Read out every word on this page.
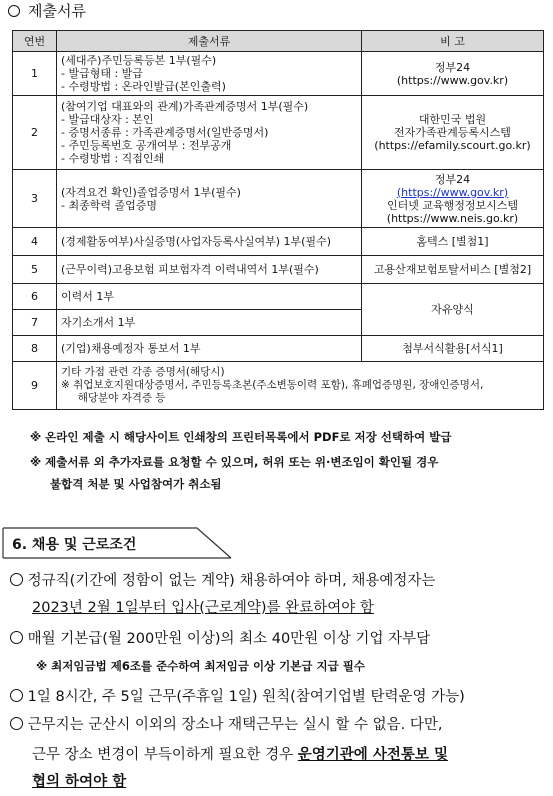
제출서류
연번	제출서류	비 고
1	(세대주)주민등록등본 1부(필수)
- 발급형태 : 발급
- 수령방법 : 온라인발급(본인출력)	정부24
(https://www.gov.kr)

2	(참여기업 대표와의 관계)가족관계증명서 1부(필수)
- 발급대상자 : 본인
- 증명서종류 : 가족관계증명서(일반증명서)
- 주민등록번호 공개여부 : 전부공개
- 수령방법 : 직접인쇄	대한민국 법원
전자가족관계등록시스템
(https://efamily.scourt.go.kr)

3	(자격요건 확인)졸업증명서 1부(필수)
- 최종학력 졸업증명	정부24
(https://www.gov.kr)
인터넷 교육행정정보시스템
(https://www.neis.go.kr)

4	(경제활동여부)사실증명(사업자등록사실여부) 1부(필수)	홈텍스 [별첨1]

5	(근무이력)고용보험 피보험자격 이력내역서 1부(필수)	고용산재보험토탈서비스 [별첨2]

6	이력서 1부	자유양식

7	자기소개서 1부	

8	(기업)채용예정자 통보서 1부	첨부서식활용[서식1]

9	기타 가점 관련 각종 증명서(해당시)
※ 취업보호지원대상증명서, 주민등록초본(주소변동이력 포함), 휴폐업증명원, 장애인증명서,
해당분야 자격증 등	
※ 온라인 제출 시 해당사이트 인쇄창의 프린터목록에서 PDF로 저장 선택하여 발급
※ 제출서류 외 추가자료를 요청할 수 있으며, 허위 또는 위·변조임이 확인될 경우
불합격 처분 및 사업참여가 취소됨
6. 채용 및 근로조건
정규직(기간에 정함이 없는 계약) 채용하여야 하며, 채용예정자는
2023년 2월 1일부터 입사(근로계약)를 완료하여야 함
매월 기본급(월 200만원 이상)의 최소 40만원 이상 기업 자부담
※ 최저임금법 제6조를 준수하여 최저임금 이상 기본급 지급 필수
1일 8시간, 주 5일 근무(주휴일 1일) 원칙(참여기업별 탄력운영 가능)
근무지는 군산시 이외의 장소나 재택근무는 실시 할 수 없음. 다만,
근무 장소 변경이 부득이하게 필요한 경우 운영기관에 사전통보 및
협의 하여야 함
